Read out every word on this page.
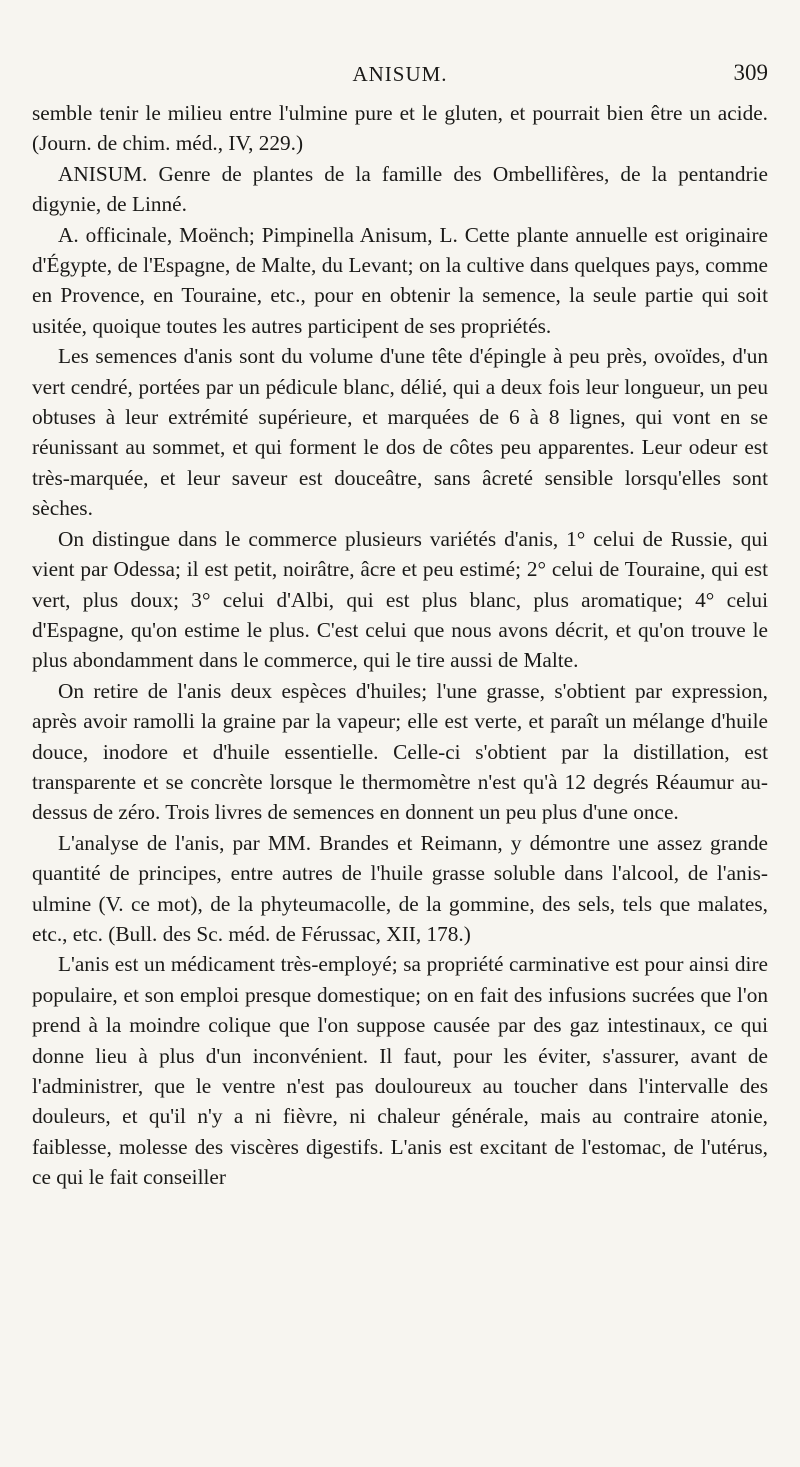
ANISUM.	309

semble tenir le milieu entre l'ulmine pure et le gluten, et pourrait bien être un acide. (Journ. de chim. méd., IV, 229.)

ANISUM. Genre de plantes de la famille des Ombellifères, de la pentandrie digynie, de Linné.

A. officinale, Moënch; Pimpinella Anisum, L. Cette plante annuelle est originaire d'Égypte, de l'Espagne, de Malte, du Levant; on la cultive dans quelques pays, comme en Provence, en Touraine, etc., pour en obtenir la semence, la seule partie qui soit usitée, quoique toutes les autres participent de ses propriétés.

Les semences d'anis sont du volume d'une tête d'épingle à peu près, ovoïdes, d'un vert cendré, portées par un pédicule blanc, délié, qui a deux fois leur longueur, un peu obtuses à leur extrémité supérieure, et marquées de 6 à 8 lignes, qui vont en se réunissant au sommet, et qui forment le dos de côtes peu apparentes. Leur odeur est très-marquée, et leur saveur est douceâtre, sans âcreté sensible lorsqu'elles sont sèches.

On distingue dans le commerce plusieurs variétés d'anis, 1° celui de Russie, qui vient par Odessa; il est petit, noirâtre, âcre et peu estimé; 2° celui de Touraine, qui est vert, plus doux; 3° celui d'Albi, qui est plus blanc, plus aromatique; 4° celui d'Espagne, qu'on estime le plus. C'est celui que nous avons décrit, et qu'on trouve le plus abondamment dans le commerce, qui le tire aussi de Malte.

On retire de l'anis deux espèces d'huiles; l'une grasse, s'obtient par expression, après avoir ramolli la graine par la vapeur; elle est verte, et paraît un mélange d'huile douce, inodore et d'huile essentielle. Celle-ci s'obtient par la distillation, est transparente et se concrète lorsque le thermomètre n'est qu'à 12 degrés Réaumur au-dessus de zéro. Trois livres de semences en donnent un peu plus d'une once.

L'analyse de l'anis, par MM. Brandes et Reimann, y démontre une assez grande quantité de principes, entre autres de l'huile grasse soluble dans l'alcool, de l'anis-ulmine (V. ce mot), de la phyteumacolle, de la gommine, des sels, tels que malates, etc., etc. (Bull. des Sc. méd. de Férussac, XII, 178.)

L'anis est un médicament très-employé; sa propriété carminative est pour ainsi dire populaire, et son emploi presque domestique; on en fait des infusions sucrées que l'on prend à la moindre colique que l'on suppose causée par des gaz intestinaux, ce qui donne lieu à plus d'un inconvénient. Il faut, pour les éviter, s'assurer, avant de l'administrer, que le ventre n'est pas douloureux au toucher dans l'intervalle des douleurs, et qu'il n'y a ni fièvre, ni chaleur générale, mais au contraire atonie, faiblesse, molesse des viscères digestifs. L'anis est excitant de l'estomac, de l'utérus, ce qui le fait conseiller
